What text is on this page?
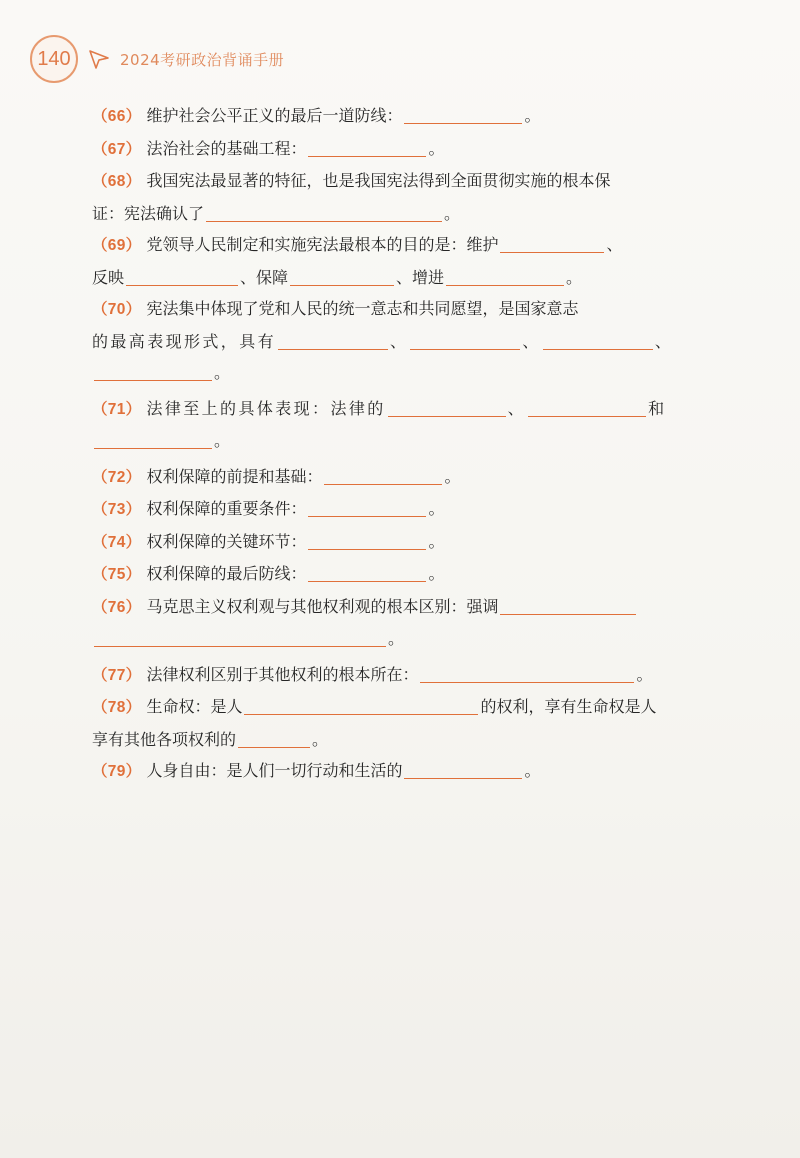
140	2024考研政治背诵手册

（66） 维护社会公平正义的最后一道防线：	。

（67） 法治社会的基础工程：	。

（68） 我国宪法最显著的特征，也是我国宪法得到全面贯彻实施的根本保

证：宪法确认了	。

（69） 党领导人民制定和实施宪法最根本的目的是：维护	、

反映	、保障	、增进	。

（70） 宪法集中体现了党和人民的统一意志和共同愿望，是国家意志

的最高表现形式，具有	、	、	、

。

（71） 法律至上的具体表现：法律的	、	和

。

（72） 权利保障的前提和基础：	。

（73） 权利保障的重要条件：	。

（74） 权利保障的关键环节：	。

（75） 权利保障的最后防线：	。

（76） 马克思主义权利观与其他权利观的根本区别：强调

。

（77） 法律权利区别于其他权利的根本所在：	。

（78） 生命权：是人	的权利，享有生命权是人

享有其他各项权利的	。

（79） 人身自由：是人们一切行动和生活的	。
